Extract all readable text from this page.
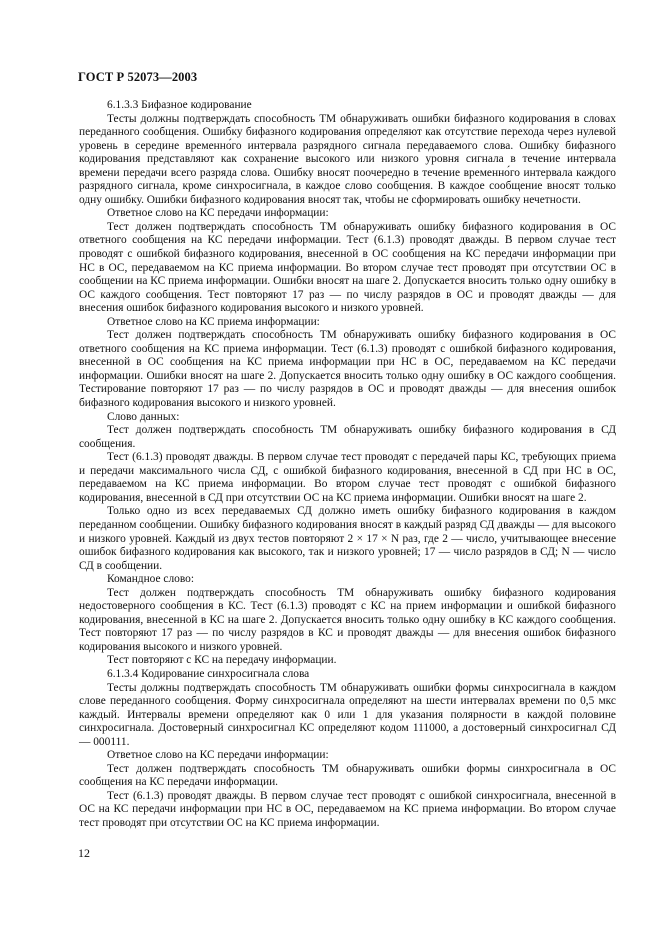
ГОСТ Р 52073—2003

6.1.3.3 Бифазное кодирование

Тесты должны подтверждать способность ТМ обнаруживать ошибки бифазного кодирования в словах переданного сообщения. Ошибку бифазного кодирования определяют как отсутствие перехода через нулевой уровень в середине временно́го интервала разрядного сигнала передаваемого слова. Ошибку бифазного кодирования представляют как сохранение высокого или низкого уровня сигнала в течение интервала времени передачи всего разряда слова. Ошибку вносят поочередно в течение временно́го интервала каждого разрядного сигнала, кроме синхросигнала, в каждое слово сообщения. В каждое сообщение вносят только одну ошибку. Ошибки бифазного кодирования вносят так, чтобы не сформировать ошибку нечетности.

Ответное слово на КС передачи информации:

Тест должен подтверждать способность ТМ обнаруживать ошибку бифазного кодирования в ОС ответного сообщения на КС передачи информации. Тест (6.1.3) проводят дважды. В первом случае тест проводят с ошибкой бифазного кодирования, внесенной в ОС сообщения на КС передачи информации при НС в ОС, передаваемом на КС приема информации. Во втором случае тест проводят при отсутствии ОС в сообщении на КС приема информации. Ошибки вносят на шаге 2. Допускается вносить только одну ошибку в ОС каждого сообщения. Тест повторяют 17 раз — по числу разрядов в ОС и проводят дважды — для внесения ошибок бифазного кодирования высокого и низкого уровней.

Ответное слово на КС приема информации:

Тест должен подтверждать способность ТМ обнаруживать ошибку бифазного кодирования в ОС ответного сообщения на КС приема информации. Тест (6.1.3) проводят с ошибкой бифазного кодирования, внесенной в ОС сообщения на КС приема информации при НС в ОС, передаваемом на КС передачи информации. Ошибки вносят на шаге 2. Допускается вносить только одну ошибку в ОС каждого сообщения. Тестирование повторяют 17 раз — по числу разрядов в ОС и проводят дважды — для внесения ошибок бифазного кодирования высокого и низкого уровней.

Слово данных:

Тест должен подтверждать способность ТМ обнаруживать ошибку бифазного кодирования в СД сообщения.

Тест (6.1.3) проводят дважды. В первом случае тест проводят с передачей пары КС, требующих приема и передачи максимального числа СД, с ошибкой бифазного кодирования, внесенной в СД при НС в ОС, передаваемом на КС приема информации. Во втором случае тест проводят с ошибкой бифазного кодирования, внесенной в СД при отсутствии ОС на КС приема информации. Ошибки вносят на шаге 2.

Только одно из всех передаваемых СД должно иметь ошибку бифазного кодирования в каждом переданном сообщении. Ошибку бифазного кодирования вносят в каждый разряд СД дважды — для высокого и низкого уровней. Каждый из двух тестов повторяют 2 × 17 × N раз, где 2 — число, учитывающее внесение ошибок бифазного кодирования как высокого, так и низкого уровней; 17 — число разрядов в СД; N — число СД в сообщении.

Командное слово:

Тест должен подтверждать способность ТМ обнаруживать ошибку бифазного кодирования недостоверного сообщения в КС. Тест (6.1.3) проводят с КС на прием информации и ошибкой бифазного кодирования, внесенной в КС на шаге 2. Допускается вносить только одну ошибку в КС каждого сообщения. Тест повторяют 17 раз — по числу разрядов в КС и проводят дважды — для внесения ошибок бифазного кодирования высокого и низкого уровней.

Тест повторяют с КС на передачу информации.

6.1.3.4 Кодирование синхросигнала слова

Тесты должны подтверждать способность ТМ обнаруживать ошибки формы синхросигнала в каждом слове переданного сообщения. Форму синхросигнала определяют на шести интервалах времени по 0,5 мкс каждый. Интервалы времени определяют как 0 или 1 для указания полярности в каждой половине синхросигнала. Достоверный синхросигнал КС определяют кодом 111000, а достоверный синхросигнал СД — 000111.

Ответное слово на КС передачи информации:

Тест должен подтверждать способность ТМ обнаруживать ошибки формы синхросигнала в ОС сообщения на КС передачи информации.

Тест (6.1.3) проводят дважды. В первом случае тест проводят с ошибкой синхросигнала, внесенной в ОС на КС передачи информации при НС в ОС, передаваемом на КС приема информации. Во втором случае тест проводят при отсутствии ОС на КС приема информации.

12
